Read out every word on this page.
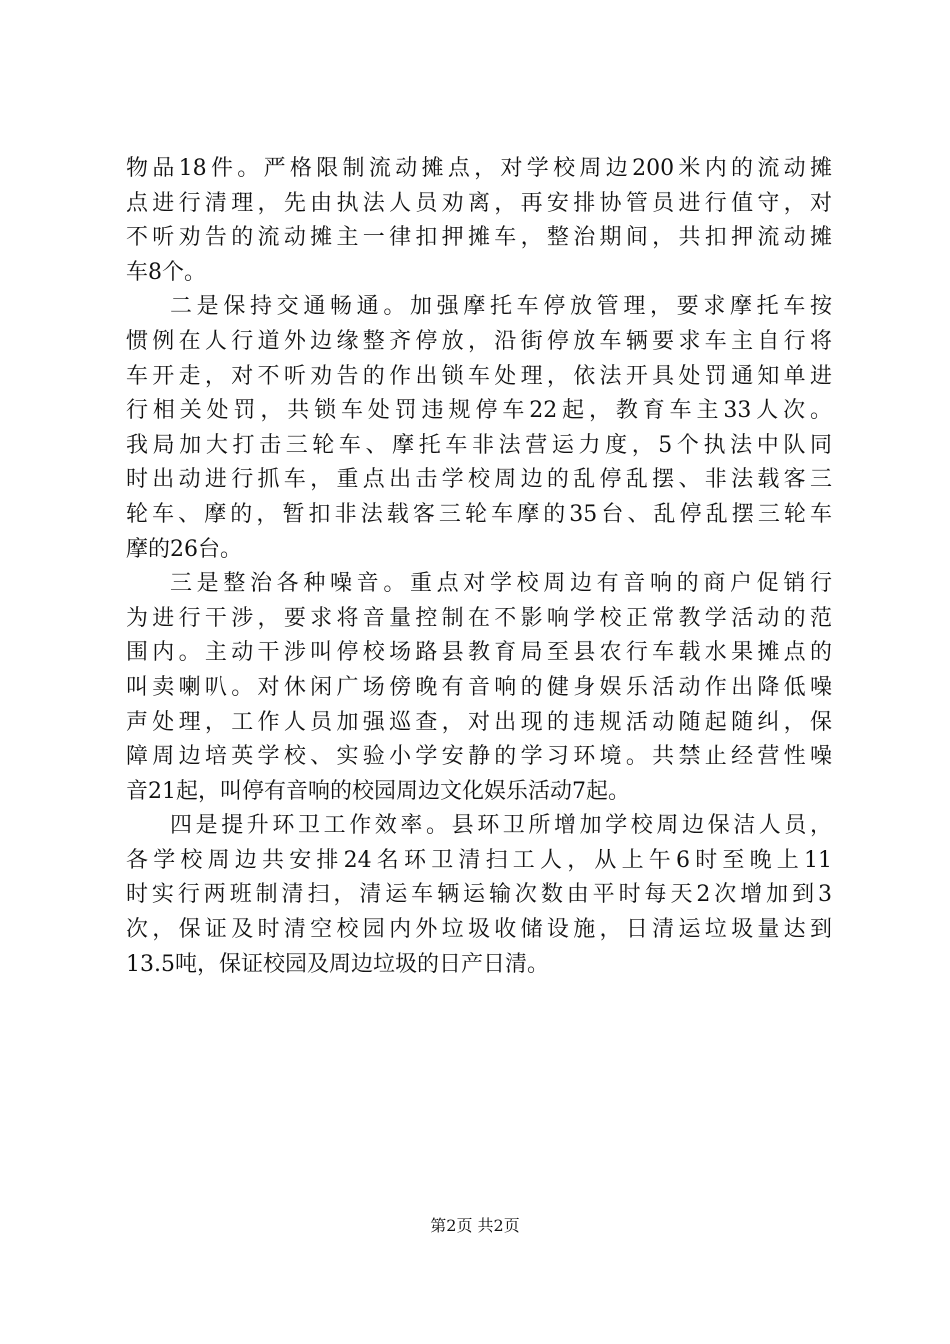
物品18件。严格限制流动摊点，对学校周边200米内的流动摊
点进行清理，先由执法人员劝离，再安排协管员进行值守，对
不听劝告的流动摊主一律扣押摊车，整治期间，共扣押流动摊
车8个。
二是保持交通畅通。加强摩托车停放管理，要求摩托车按
惯例在人行道外边缘整齐停放，沿街停放车辆要求车主自行将
车开走，对不听劝告的作出锁车处理，依法开具处罚通知单进
行相关处罚，共锁车处罚违规停车22起，教育车主33人次。
我局加大打击三轮车、摩托车非法营运力度，5个执法中队同
时出动进行抓车，重点出击学校周边的乱停乱摆、非法载客三
轮车、摩的，暂扣非法载客三轮车摩的35台、乱停乱摆三轮车
摩的26台。
三是整治各种噪音。重点对学校周边有音响的商户促销行
为进行干涉，要求将音量控制在不影响学校正常教学活动的范
围内。主动干涉叫停校场路县教育局至县农行车载水果摊点的
叫卖喇叭。对休闲广场傍晚有音响的健身娱乐活动作出降低噪
声处理，工作人员加强巡查，对出现的违规活动随起随纠，保
障周边培英学校、实验小学安静的学习环境。共禁止经营性噪
音21起，叫停有音响的校园周边文化娱乐活动7起。
四是提升环卫工作效率。县环卫所增加学校周边保洁人员，
各学校周边共安排24名环卫清扫工人，从上午6时至晚上11
时实行两班制清扫，清运车辆运输次数由平时每天2次增加到3
次，保证及时清空校园内外垃圾收储设施，日清运垃圾量达到
13.5吨，保证校园及周边垃圾的日产日清。
第2页 共2页
